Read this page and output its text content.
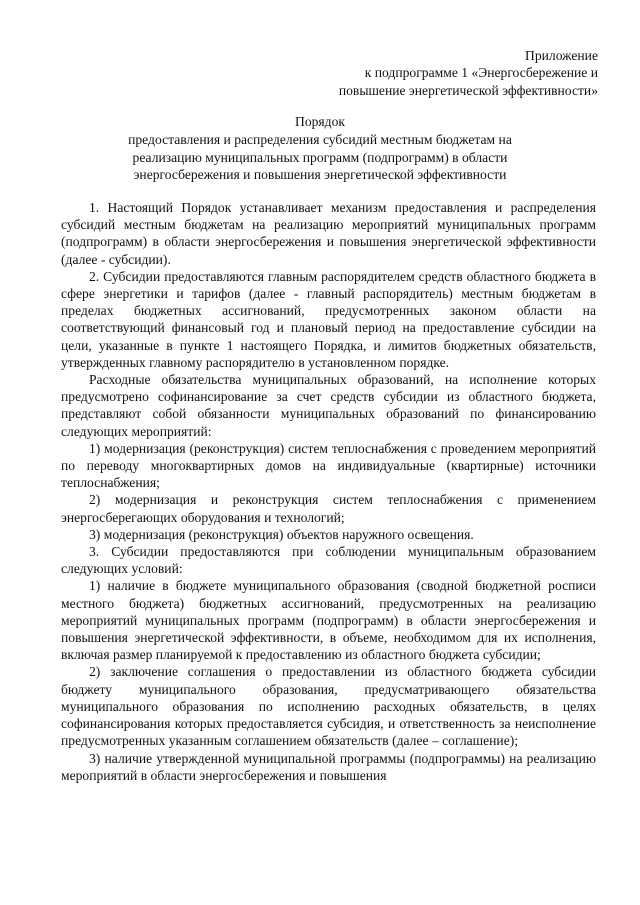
Приложение
к подпрограмме 1 «Энергосбережение и
повышение энергетической эффективности»
Порядок
предоставления и распределения субсидий местным бюджетам на
реализацию муниципальных программ (подпрограмм) в области
энергосбережения и повышения энергетической эффективности

1. Настоящий Порядок устанавливает механизм предоставления и распределения субсидий местным бюджетам на реализацию мероприятий муниципальных программ (подпрограмм) в области энергосбережения и повышения энергетической эффективности (далее - субсидии).

2. Субсидии предоставляются главным распорядителем средств областного бюджета в сфере энергетики и тарифов (далее - главный распорядитель) местным бюджетам в пределах бюджетных ассигнований, предусмотренных законом области на соответствующий финансовый год и плановый период на предоставление субсидии на цели, указанные в пункте 1 настоящего Порядка, и лимитов бюджетных обязательств, утвержденных главному распорядителю в установленном порядке.

Расходные обязательства муниципальных образований, на исполнение которых предусмотрено софинансирование за счет средств субсидии из областного бюджета, представляют собой обязанности муниципальных образований по финансированию следующих мероприятий:

1) модернизация (реконструкция) систем теплоснабжения с проведением мероприятий по переводу многоквартирных домов на индивидуальные (квартирные) источники теплоснабжения;

2) модернизация и реконструкция систем теплоснабжения с применением энергосберегающих оборудования и технологий;

3) модернизация (реконструкция) объектов наружного освещения.

3. Субсидии предоставляются при соблюдении муниципальным образованием следующих условий:

1) наличие в бюджете муниципального образования (сводной бюджетной росписи местного бюджета) бюджетных ассигнований, предусмотренных на реализацию мероприятий муниципальных программ (подпрограмм) в области энергосбережения и повышения энергетической эффективности, в объеме, необходимом для их исполнения, включая размер планируемой к предоставлению из областного бюджета субсидии;

2) заключение соглашения о предоставлении из областного бюджета субсидии бюджету муниципального образования, предусматривающего обязательства муниципального образования по исполнению расходных обязательств, в целях софинансирования которых предоставляется субсидия, и ответственность за неисполнение предусмотренных указанным соглашением обязательств (далее – соглашение);

3) наличие утвержденной муниципальной программы (подпрограммы) на реализацию мероприятий в области энергосбережения и повышения
